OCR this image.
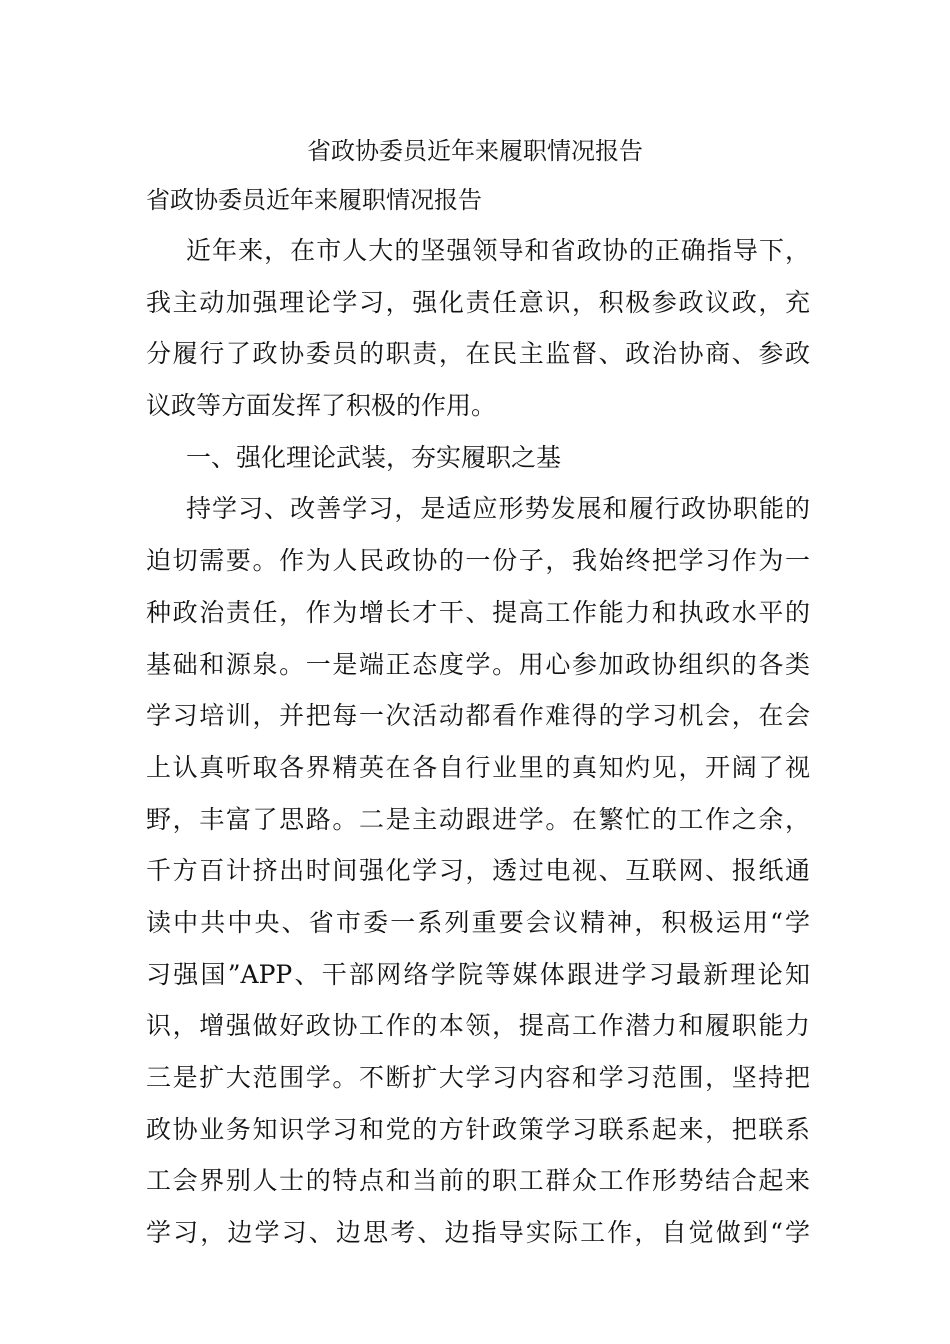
省政协委员近年来履职情况报告
省政协委员近年来履职情况报告
近年来，在市人大的坚强领导和省政协的正确指导下，
我主动加强理论学习，强化责任意识，积极参政议政，充
分履行了政协委员的职责，在民主监督、政治协商、参政
议政等方面发挥了积极的作用。
一、强化理论武装，夯实履职之基
持学习、改善学习，是适应形势发展和履行政协职能的
迫切需要。作为人民政协的一份子，我始终把学习作为一
种政治责任，作为增长才干、提高工作能力和执政水平的
基础和源泉。一是端正态度学。用心参加政协组织的各类
学习培训，并把每一次活动都看作难得的学习机会，在会
上认真听取各界精英在各自行业里的真知灼见，开阔了视
野，丰富了思路。二是主动跟进学。在繁忙的工作之余，
千方百计挤出时间强化学习，透过电视、互联网、报纸通
读中共中央、省市委一系列重要会议精神，积极运用“学
习强国”APP、干部网络学院等媒体跟进学习最新理论知
识，增强做好政协工作的本领，提高工作潜力和履职能力
三是扩大范围学。不断扩大学习内容和学习范围，坚持把
政协业务知识学习和党的方针政策学习联系起来，把联系
工会界别人士的特点和当前的职工群众工作形势结合起来
学习，边学习、边思考、边指导实际工作，自觉做到“学
